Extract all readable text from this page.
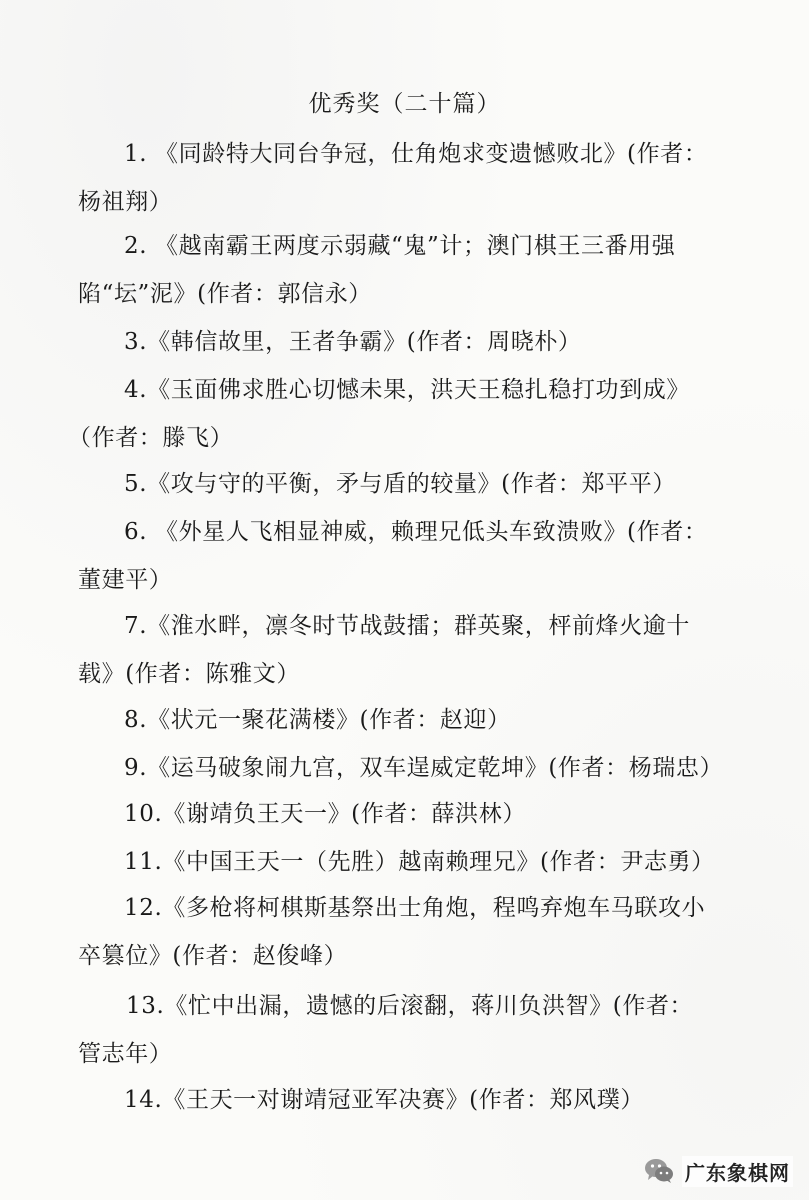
优秀奖（二十篇）
1. 《同龄特大同台争冠，仕角炮求变遗憾败北》(作者：
杨祖翔）
2. 《越南霸王两度示弱藏“鬼”计；澳门棋王三番用强
陷“坛”泥》(作者：郭信永）
3.《韩信故里，王者争霸》(作者：周晓朴）
4.《玉面佛求胜心切憾未果，洪天王稳扎稳打功到成》
（作者：滕飞）
5.《攻与守的平衡，矛与盾的较量》(作者：郑平平）
6. 《外星人飞相显神威，赖理兄低头车致溃败》(作者：
董建平）
7.《淮水畔，凛冬时节战鼓擂；群英聚，枰前烽火逾十
载》(作者：陈雅文）
8.《状元一聚花满楼》(作者：赵迎）
9.《运马破象闹九宫，双车逞威定乾坤》(作者：杨瑞忠）
10.《谢靖负王天一》(作者：薛洪林）
11.《中国王天一（先胜）越南赖理兄》(作者：尹志勇）
12.《多枪将柯棋斯基祭出士角炮，程鸣弃炮车马联攻小
卒篡位》(作者：赵俊峰）
13.《忙中出漏，遗憾的后滚翻，蒋川负洪智》(作者：
管志年）
14.《王天一对谢靖冠亚军决赛》(作者：郑风璞）
广东象棋网
